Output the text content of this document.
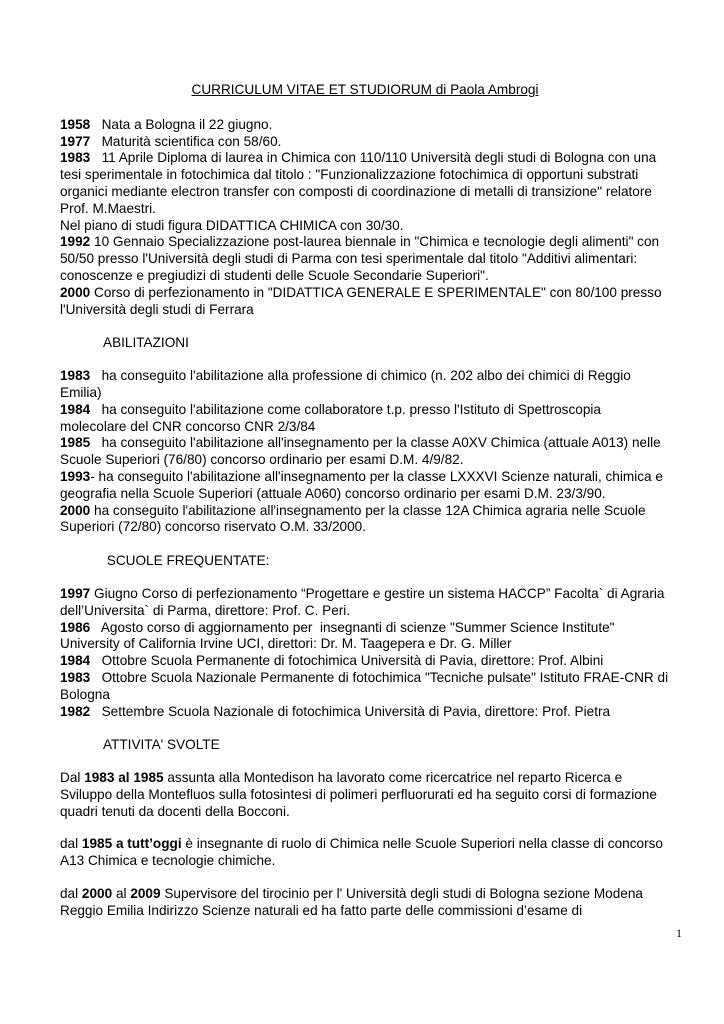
CURRICULUM VITAE ET STUDIORUM di Paola Ambrogi

1958   Nata a Bologna il 22 giugno.

1977   Maturità scientifica con 58/60.

1983   11 Aprile Diploma di laurea in Chimica con 110/110 Università degli studi di Bologna con una tesi sperimentale in fotochimica dal titolo : "Funzionalizzazione fotochimica di opportuni substrati organici mediante electron transfer con composti di coordinazione di metalli di transizione" relatore Prof. M.Maestri.

Nel piano di studi figura DIDATTICA CHIMICA con 30/30.

1992 10 Gennaio Specializzazione post-laurea biennale in "Chimica e tecnologie degli alimenti" con  50/50 presso l'Università degli studi di Parma con tesi sperimentale dal titolo "Additivi alimentari: conoscenze e pregiudizi di studenti delle Scuole Secondarie Superiori".

2000 Corso di perfezionamento in "DIDATTICA GENERALE E SPERIMENTALE" con 80/100 presso l'Università degli studi di Ferrara

ABILITAZIONI

1983   ha conseguito l'abilitazione alla professione di chimico (n. 202 albo dei chimici di Reggio Emilia)

1984   ha conseguito l'abilitazione come collaboratore t.p. presso l'Istituto di Spettroscopia molecolare del CNR concorso CNR 2/3/84

1985   ha conseguito l'abilitazione all'insegnamento per la classe A0XV Chimica (attuale A013) nelle Scuole Superiori (76/80) concorso ordinario per esami D.M. 4/9/82.

1993- ha conseguito l'abilitazione all'insegnamento per la classe LXXXVI Scienze naturali, chimica e geografia nella Scuole Superiori (attuale A060) concorso ordinario per esami D.M. 23/3/90.

2000 ha conseguito l'abilitazione all'insegnamento per la classe 12A Chimica agraria nelle Scuole Superiori (72/80) concorso riservato O.M. 33/2000.

SCUOLE FREQUENTATE:

1997 Giugno Corso di perfezionamento “Progettare e gestire un sistema HACCP” Facolta` di Agraria dell’Universita` di Parma, direttore: Prof. C. Peri.

1986   Agosto corso di aggiornamento per  insegnanti di scienze "Summer Science Institute" University of California Irvine UCI, direttori: Dr. M. Taagepera e Dr. G. Miller

1984   Ottobre Scuola Permanente di fotochimica Università di Pavia, direttore: Prof. Albini

1983   Ottobre Scuola Nazionale Permanente di fotochimica "Tecniche pulsate" Istituto FRAE-CNR di Bologna

1982   Settembre Scuola Nazionale di fotochimica Università di Pavia, direttore: Prof. Pietra

ATTIVITA' SVOLTE

Dal 1983 al 1985 assunta alla Montedison ha lavorato come ricercatrice nel reparto Ricerca e Sviluppo della Montefluos sulla fotosintesi di polimeri perfluorurati ed ha seguito corsi di formazione quadri tenuti da docenti della Bocconi.

dal 1985 a tutt’oggi è insegnante di ruolo di Chimica nelle Scuole Superiori nella classe di concorso A13 Chimica e tecnologie chimiche.

dal 2000 al 2009 Supervisore del tirocinio per l' Università degli studi di Bologna sezione Modena Reggio Emilia Indirizzo Scienze naturali ed ha fatto parte delle commissioni d’esame di

1
